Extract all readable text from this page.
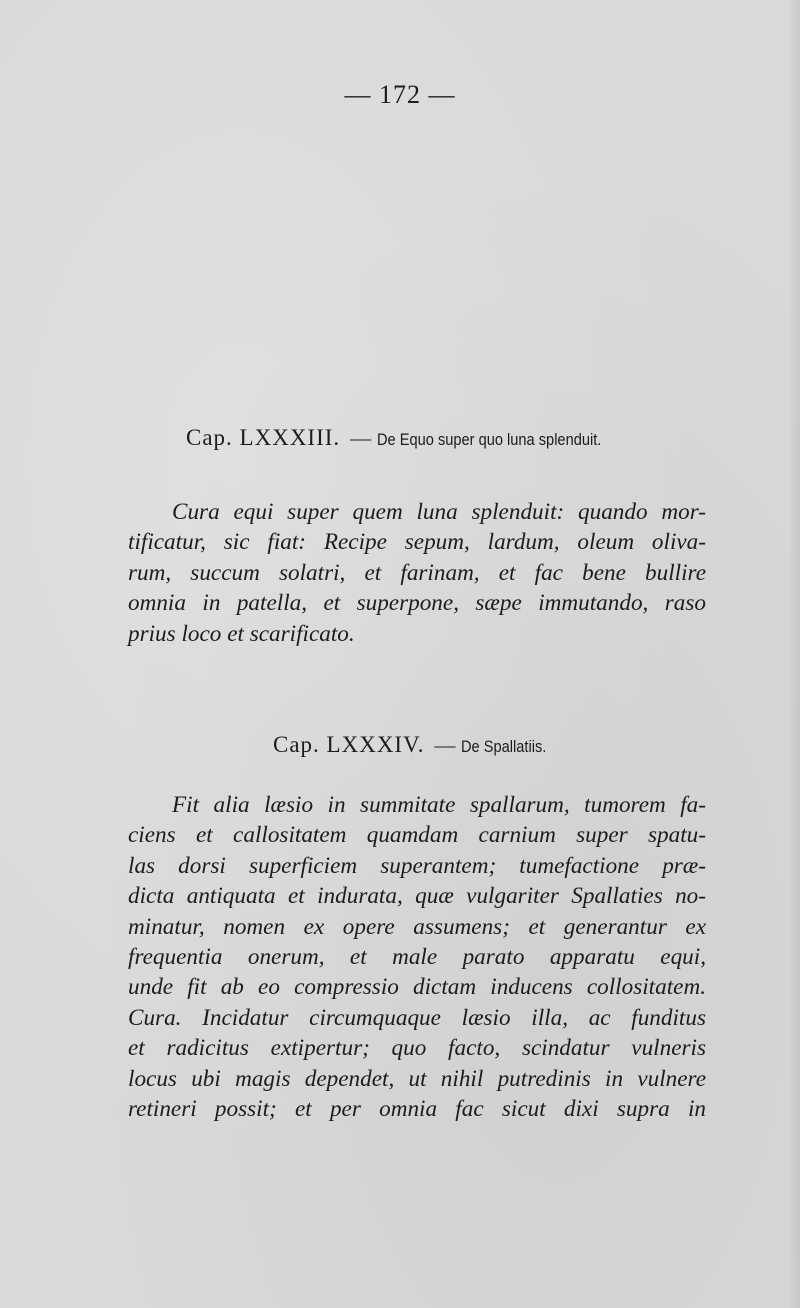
— 172 —
Cap. LXXXIII. — De Equo super quo luna splenduit.
Cura equi super quem luna splenduit: quando mor-
tificatur, sic fiat: Recipe sepum, lardum, oleum oliva-
rum, succum solatri, et farinam, et fac bene bullire
omnia in patella, et superpone, sæpe immutando, raso
prius loco et scarificato.
Cap. LXXXIV. — De Spallatiis.
Fit alia læsio in summitate spallarum, tumorem fa-
ciens et callositatem quamdam carnium super spatu-
las dorsi superficiem superantem; tumefactione præ-
dicta antiquata et indurata, quæ vulgariter Spallaties no-
minatur, nomen ex opere assumens; et generantur ex
frequentia onerum, et male parato apparatu equi,
unde fit ab eo compressio dictam inducens collositatem.
Cura. Incidatur circumquaque læsio illa, ac funditus
et radicitus extipertur; quo facto, scindatur vulneris
locus ubi magis dependet, ut nihil putredinis in vulnere
retineri possit; et per omnia fac sicut dixi supra in
